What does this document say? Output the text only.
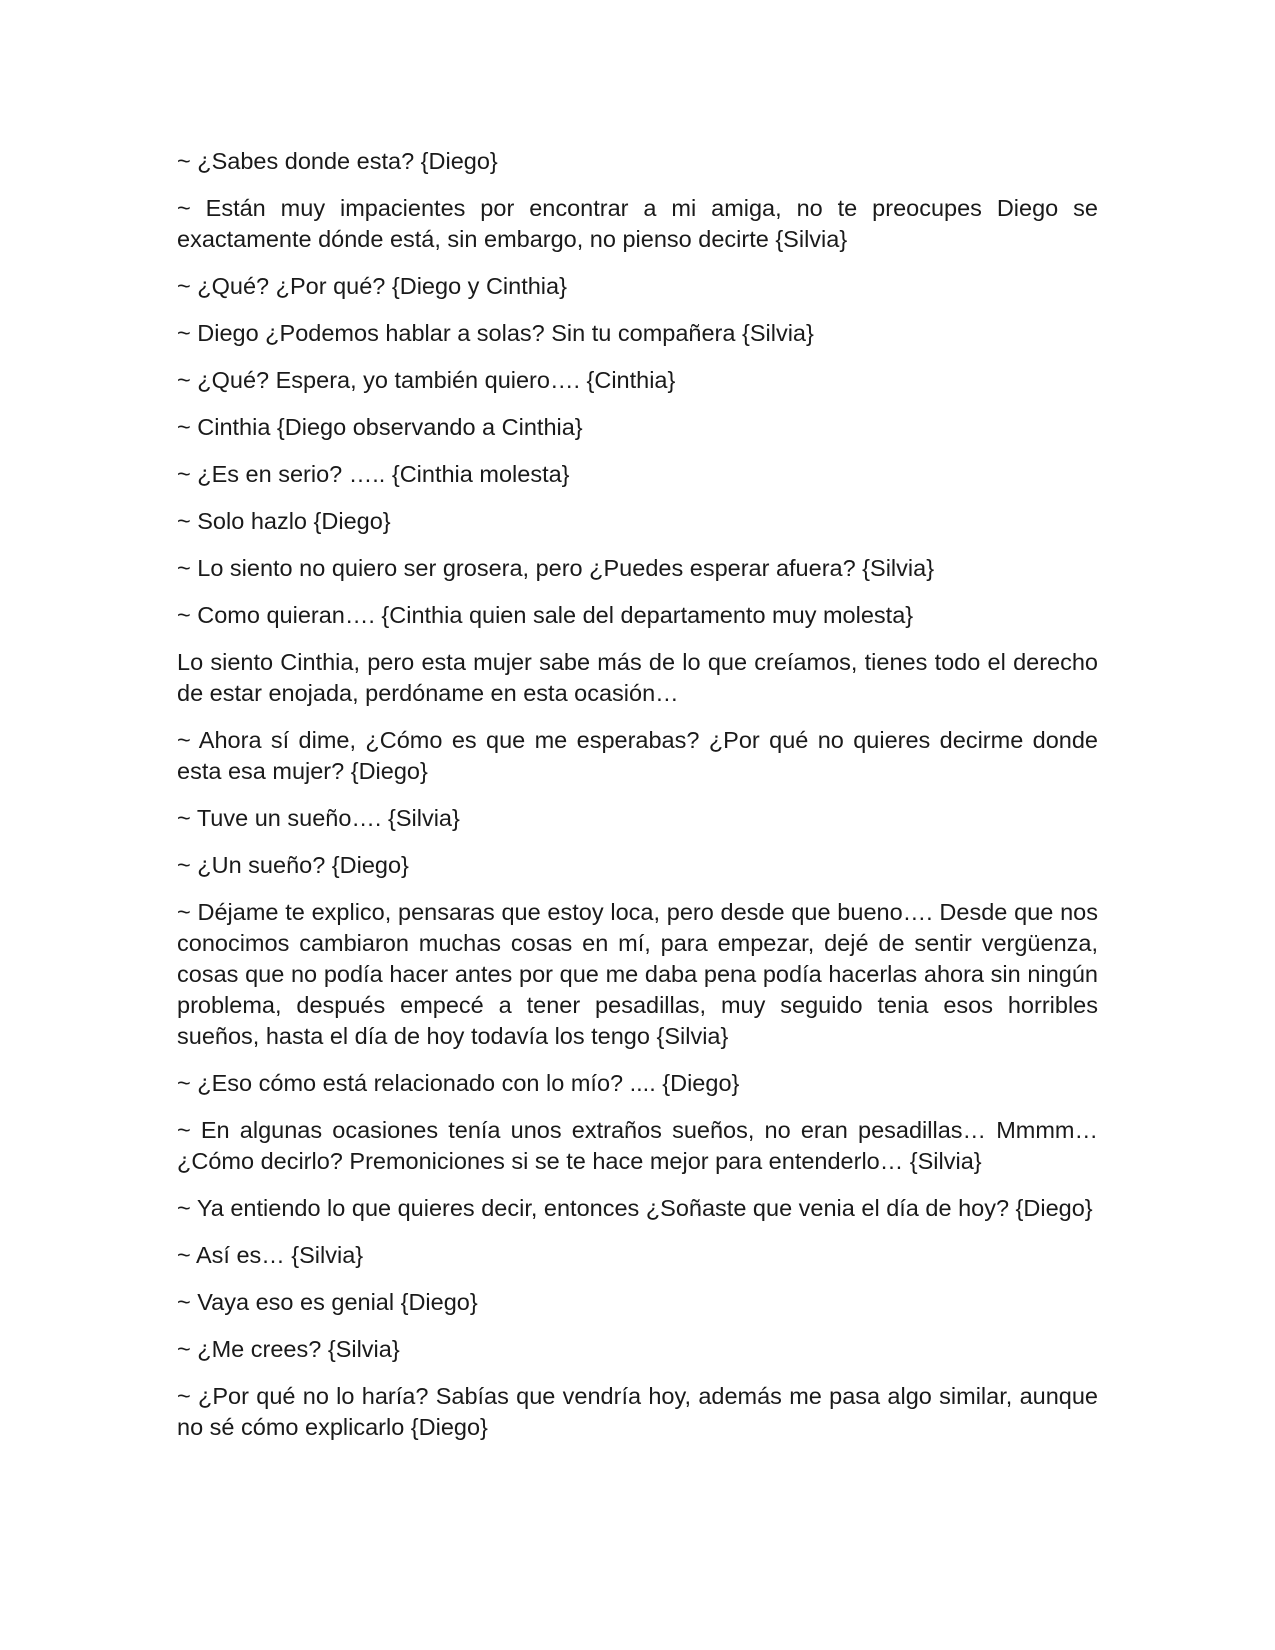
~ ¿Sabes donde esta? {Diego}

~ Están muy impacientes por encontrar a mi amiga, no te preocupes Diego se exactamente dónde está, sin embargo, no pienso decirte {Silvia}

~ ¿Qué? ¿Por qué? {Diego y Cinthia}

~ Diego ¿Podemos hablar a solas? Sin tu compañera {Silvia}

~ ¿Qué? Espera, yo también quiero…. {Cinthia}

~ Cinthia {Diego observando a Cinthia}

~ ¿Es en serio? ….. {Cinthia molesta}

~ Solo hazlo {Diego}

~ Lo siento no quiero ser grosera, pero ¿Puedes esperar afuera? {Silvia}

~ Como quieran…. {Cinthia quien sale del departamento muy molesta}

Lo siento Cinthia, pero esta mujer sabe más de lo que creíamos, tienes todo el derecho de estar enojada, perdóname en esta ocasión…

~ Ahora sí dime, ¿Cómo es que me esperabas? ¿Por qué no quieres decirme donde esta esa mujer? {Diego}

~ Tuve un sueño…. {Silvia}

~ ¿Un sueño? {Diego}

~ Déjame te explico, pensaras que estoy loca, pero desde que bueno…. Desde que nos conocimos cambiaron muchas cosas en mí, para empezar, dejé de sentir vergüenza, cosas que no podía hacer antes por que me daba pena podía hacerlas ahora sin ningún problema, después empecé a tener pesadillas, muy seguido tenia esos horribles sueños, hasta el día de hoy todavía los tengo {Silvia}

~ ¿Eso cómo está relacionado con lo mío? .... {Diego}

~ En algunas ocasiones tenía unos extraños sueños, no eran pesadillas… Mmmm… ¿Cómo decirlo? Premoniciones si se te hace mejor para entenderlo… {Silvia}

~ Ya entiendo lo que quieres decir, entonces ¿Soñaste que venia el día de hoy? {Diego}

~ Así es… {Silvia}

~ Vaya eso es genial {Diego}

~ ¿Me crees? {Silvia}

~ ¿Por qué no lo haría? Sabías que vendría hoy, además me pasa algo similar, aunque no sé cómo explicarlo {Diego}
